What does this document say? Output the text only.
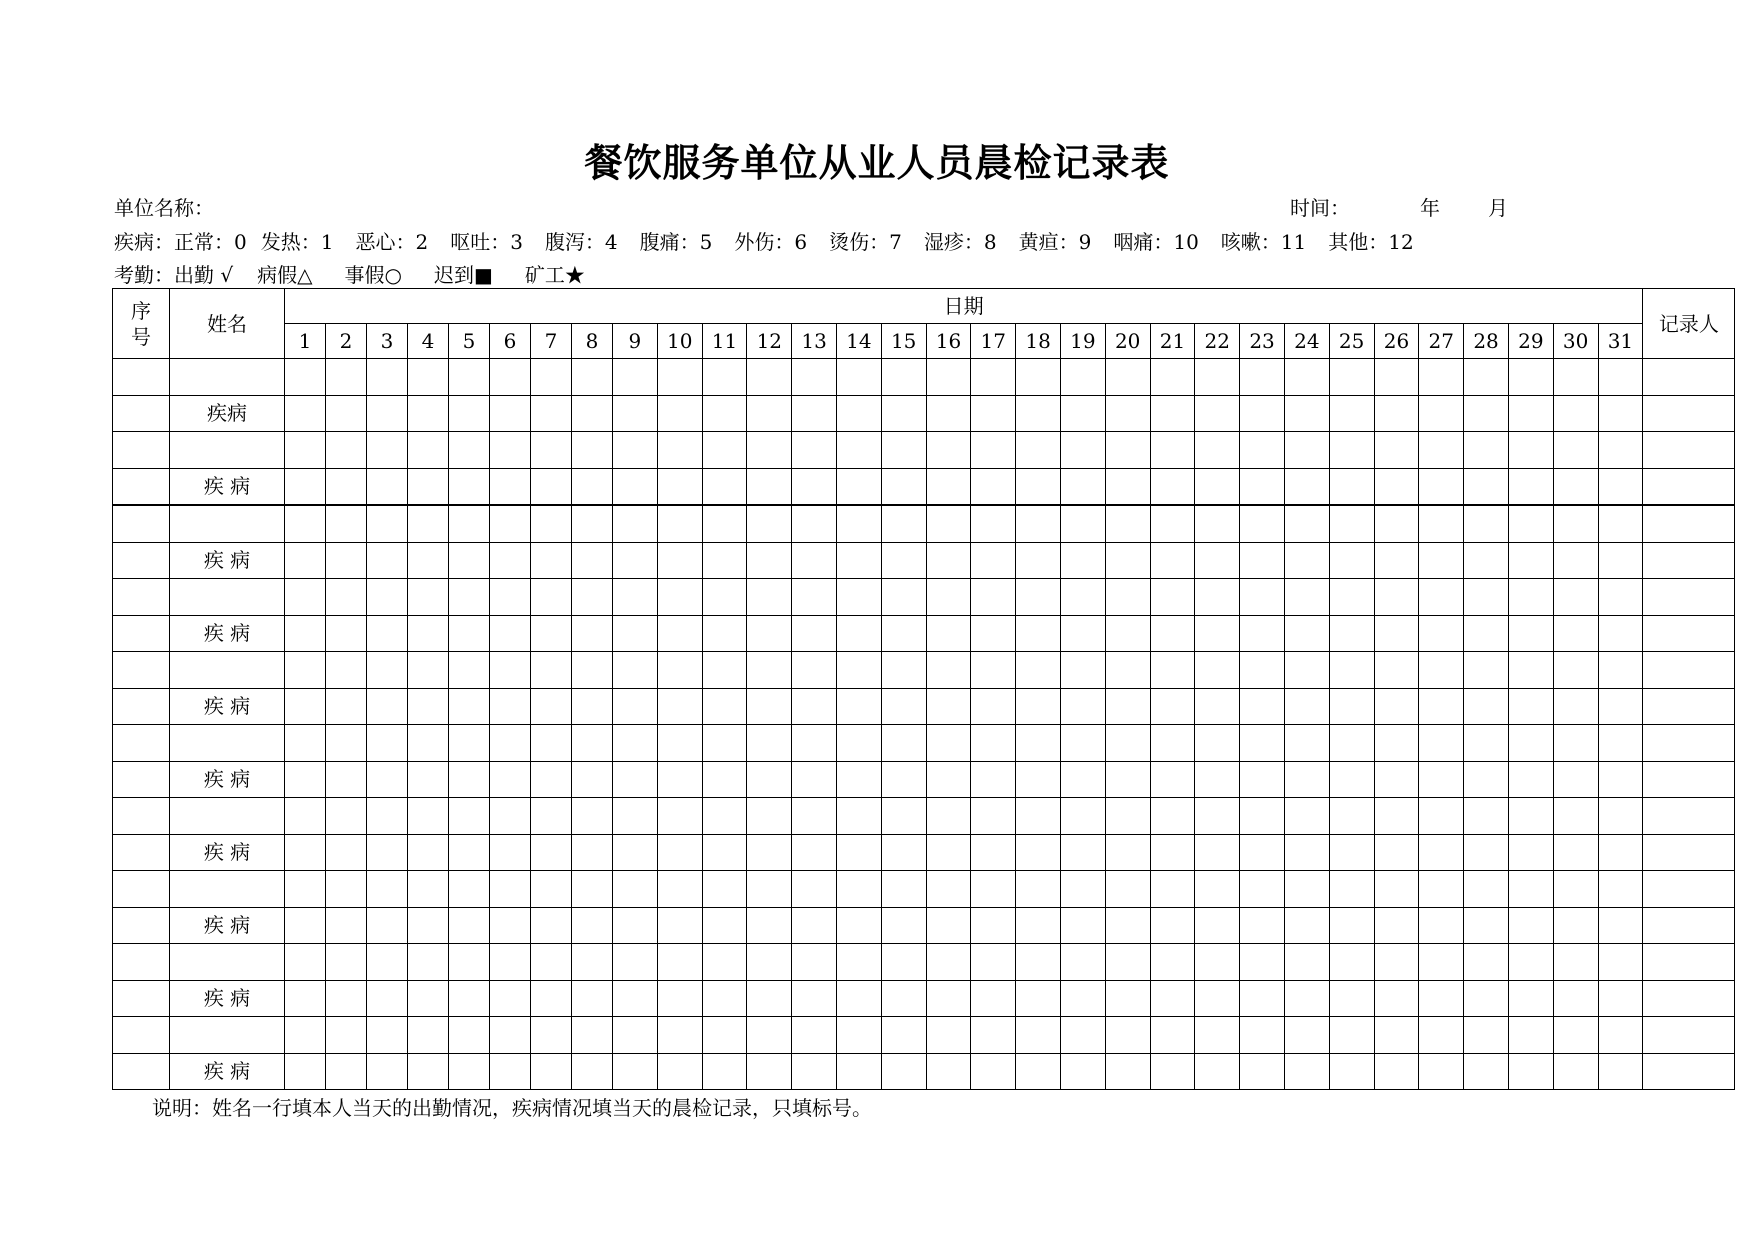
餐饮服务单位从业人员晨检记录表
单位名称：	时间：	年 月
疾病：正常：0 发热：1 恶心：2 呕吐：3 腹泻：4 腹痛：5 外伤：6 烫伤：7 湿疹：8 黄疸：9 咽痛：10 咳嗽：11 其他：12
考勤：出勤 √ 病假△ 事假○ 迟到■ 矿工★
序
号	姓名	日期																															记录人
		1	2	3	4	5	6	7	8	9	10	11	12	13	14	15	16	17	18	19	20	21	22	23	24	25	26	27	28	29	30	31	

	疾病																																

	疾 病																																

	疾 病																																

	疾 病																																

	疾 病																																

	疾 病																																

	疾 病																																

	疾 病																																

	疾 病																																

	疾 病																																
说明：姓名一行填本人当天的出勤情况，疾病情况填当天的晨检记录，只填标号。
